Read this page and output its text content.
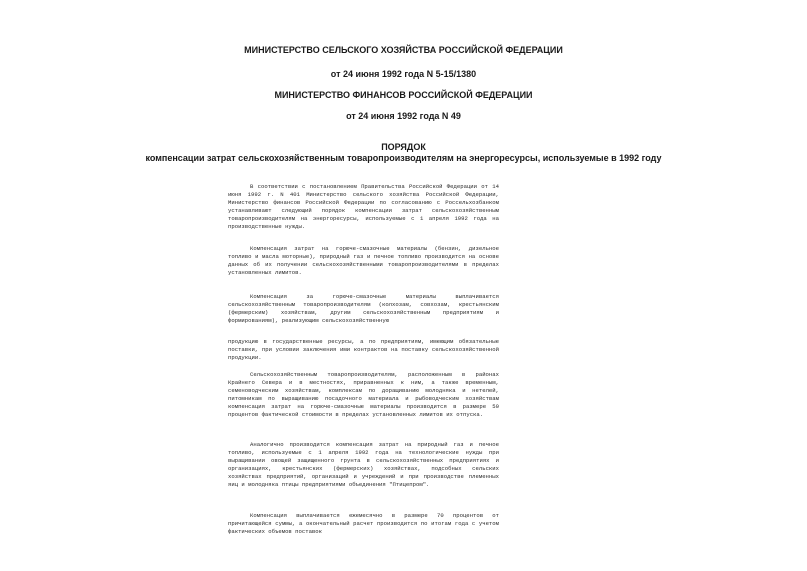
МИНИСТЕРСТВО СЕЛЬСКОГО ХОЗЯЙСТВА РОССИЙСКОЙ ФЕДЕРАЦИИ
от 24 июня 1992 года N 5-15/1380
МИНИСТЕРСТВО ФИНАНСОВ РОССИЙСКОЙ ФЕДЕРАЦИИ
от 24 июня 1992 года N 49
ПОРЯДОК
компенсации затрат сельскохозяйственным товаропроизводителям на энергоресурсы, используемые в 1992 году

В соответствии с постановлением Правительства Российской Федерации от 14 июня 1992 г. N 401 Министерство сельского хозяйства Российской Федерации, Министерство финансов Российской Федерации по согласованию с Россельхозбанком устанавливают следующий порядок компенсации затрат сельскохозяйственным товаропроизводителям на энергоресурсы, используемые с 1 апреля 1992 года на производственные нужды.

Компенсация затрат на горюче-смазочные материалы (бензин, дизельное топливо и масла моторные), природный газ и печное топливо производится на основе данных об их получении сельскохозяйственными товаропроизводителями в пределах установленных лимитов.

Компенсация за горюче-смазочные материалы выплачивается сельскохозяйственным товаропроизводителям (колхозам, совхозам, крестьянским (фермерским) хозяйствам, другим сельскохозяйственным предприятиям и формированиям), реализующим сельскохозяйственную

продукцию в государственные ресурсы, а по предприятиям, имеющим обязательные поставки, при условии заключения ими контрактов на поставку сельскохозяйственной продукции.

Сельскохозяйственным товаропроизводителям, расположенным в районах Крайнего Севера и в местностях, приравненных к ним, а также временным, семеноводческим хозяйствам, комплексам по доращиванию молодняка и нетелей, питомникам по выращиванию посадочного материала и рыбоводческим хозяйствам компенсация затрат на горюче-смазочные материалы производится в размере 50 процентов фактической стоимости в пределах установленных лимитов их отпуска.

Аналогично производится компенсация затрат на природный газ и печное топливо, используемые с 1 апреля 1992 года на технологические нужды при выращивании овощей защищенного грунта в сельскохозяйственных предприятиях и организациях, крестьянских (фермерских) хозяйствах, подсобных сельских хозяйствах предприятий, организаций и учреждений и при производстве племенных яиц и молодняка птицы предприятиями объединения "Птицепром".

Компенсация выплачивается ежемесячно в размере 70 процентов от причитающейся суммы, а окончательный расчет производится по итогам года с учетом фактических объемов поставок
